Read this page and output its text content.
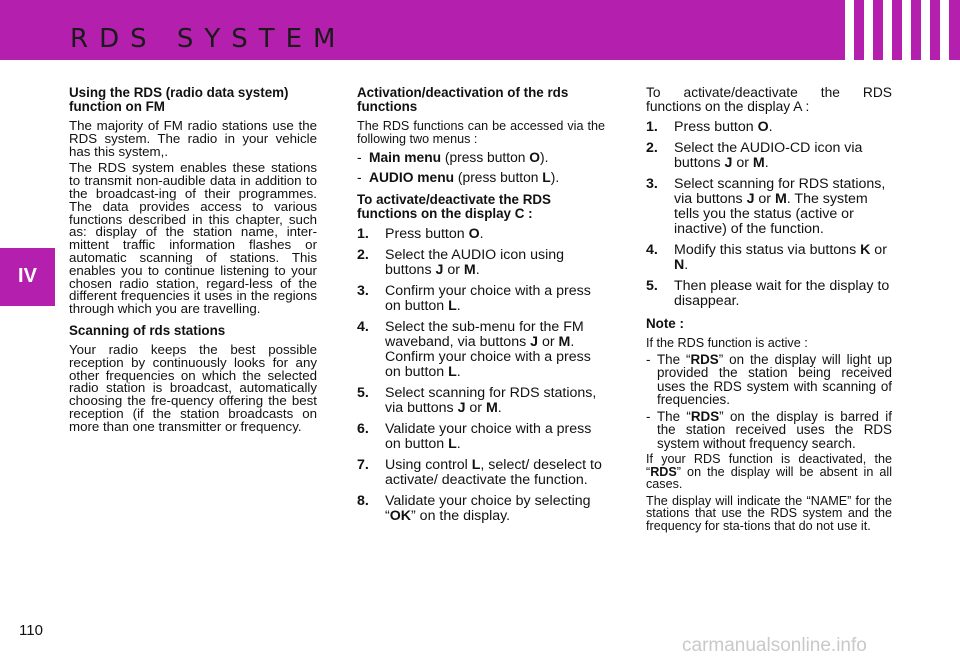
RDS SYSTEM
IV
Using the RDS (radio data system) function on FM

The majority of FM radio stations use the RDS system. The radio in your vehicle has this system,.

The RDS system enables these stations to transmit non-audible data in addition to the broadcast-ing of their programmes. The data provides access to various functions described in this chapter, such as: display of the station name, inter-mittent traffic information flashes or automatic scanning of stations. This enables you to continue listening to your chosen radio station, regard-less of the different frequencies it uses in the regions through which you are travelling.

Scanning of rds stations

Your radio keeps the best possible reception by continuously looks for any other frequencies on which the selected radio station is broadcast, automatically choosing the fre-quency offering the best reception (if the station broadcasts on more than one transmitter or frequency.

Activation/deactivation of the rds functions

The RDS functions can be accessed via the following two menus :

- Main menu (press button O).
- AUDIO menu (press button L).
To activate/deactivate the RDS functions on the display C :
1.	Press button O.
2.	Select the AUDIO icon using buttons J or M.
3.	Confirm your choice with a press on button L.
4.	Select the sub-menu for the FM waveband, via buttons J or M. Confirm your choice with a press on button L.
5.	Select scanning for RDS stations, via buttons J or M.
6.	Validate your choice with a press on button L.
7.	Using control L, select/ deselect to activate/ deactivate the function.
8.	Validate your choice by selecting “OK” on the display.

To activate/deactivate the RDS functions on the display A :

1.	Press button O.
2.	Select the AUDIO-CD icon via buttons J or M.
3.	Select scanning for RDS stations, via buttons J or M. The system tells you the status (active or inactive) of the function.
4.	Modify this status via buttons K or N.
5.	Then please wait for the display to disappear.
Note :

If the RDS function is active :

- The “RDS” on the display will light up provided the station being received uses the RDS system with scanning of frequencies.
- The “RDS” on the display is barred if the station received uses the RDS system without frequency search.

If your RDS function is deactivated, the “RDS” on the display will be absent in all cases.

The display will indicate the “NAME” for the stations that use the RDS system and the frequency for sta-tions that do not use it.

110
carmanualsonline.info
